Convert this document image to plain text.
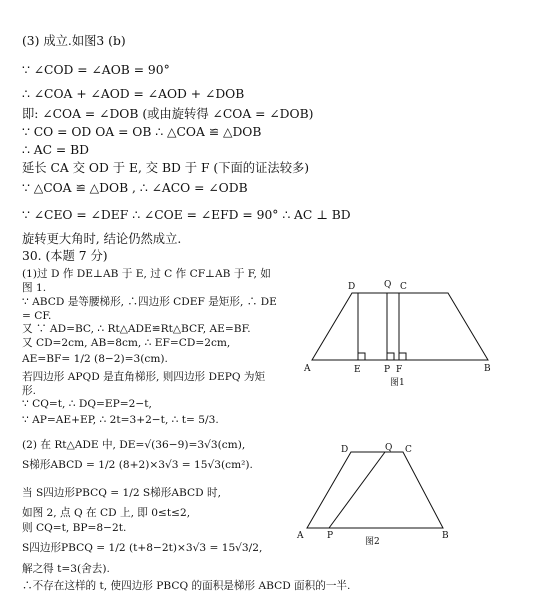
(3) 成立.如图3 (b)
∵ ∠COD = ∠AOB = 90°
∴ ∠COA + ∠AOD = ∠AOD + ∠DOB
即: ∠COA = ∠DOB (或由旋转得 ∠COA = ∠DOB)
∵ CO = OD OA = OB ∴ △COA ≌ △DOB
∴ AC = BD
延长 CA 交 OD 于 E, 交 BD 于 F (下面的证法较多)
∵ △COA ≌ △DOB , ∴ ∠ACO = ∠ODB
∵ ∠CEO = ∠DEF ∴ ∠COE = ∠EFD = 90° ∴ AC ⊥ BD
旋转更大角时, 结论仍然成立.
30. (本题 7 分)
(1)过 D 作 DE⊥AB 于 E, 过 C 作 CF⊥AB 于 F, 如
图 1.
∵ ABCD 是等腰梯形, ∴四边形 CDEF 是矩形, ∴ DE
= CF.
又 ∵ AD=BC, ∴ Rt△ADE≌Rt△BCF, AE=BF.
又 CD=2cm, AB=8cm, ∴ EF=CD=2cm,
AE=BF= 1/2 (8−2)=3(cm).
若四边形 APQD 是直角梯形, 则四边形 DEPQ 为矩
形.
∵ CQ=t, ∴ DQ=EP=2−t,
∵ AP=AE+EP, ∴ 2t=3+2−t, ∴ t= 5/3.
(2) 在 Rt△ADE 中, DE=√(36−9)=3√3(cm),
S梯形ABCD = 1/2 (8+2)×3√3 = 15√3(cm²).
当 S四边形PBCQ = 1/2 S梯形ABCD 时,
如图 2, 点 Q 在 CD 上, 即 0≤t≤2,
则 CQ=t, BP=8−2t.
S四边形PBCQ = 1/2 (t+8−2t)×3√3 = 15√3/2,
解之得 t=3(舍去).
∴不存在这样的 t, 使四边形 PBCQ 的面积是梯形 ABCD 面积的一半.
A	B
C
D
E	F
P
Q
图1
A	B
C
D
P
Q
图2
